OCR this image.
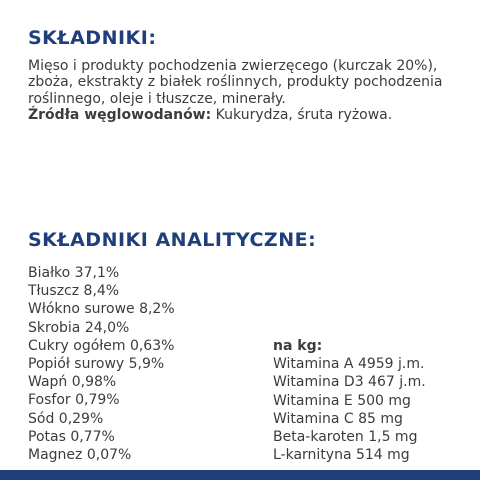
SKŁADNIKI:
Mięso i produkty pochodzenia zwierzęcego (kurczak 20%), zboża, ekstrakty z białek roślinnych, produkty pochodzenia roślinnego, oleje i tłuszcze, minerały.
Źródła węglowodanów: Kukurydza, śruta ryżowa.
SKŁADNIKI ANALITYCZNE:
Białko 37,1%
Tłuszcz 8,4%
Włókno surowe 8,2%
Skrobia 24,0%
Cukry ogółem 0,63%
Popiół surowy 5,9%
Wapń 0,98%
Fosfor 0,79%
Sód 0,29%
Potas 0,77%
Magnez 0,07%
na kg:
Witamina A 4959 j.m.
Witamina D3 467 j.m.
Witamina E 500 mg
Witamina C 85 mg
Beta-karoten 1,5 mg
L-karnityna 514 mg
